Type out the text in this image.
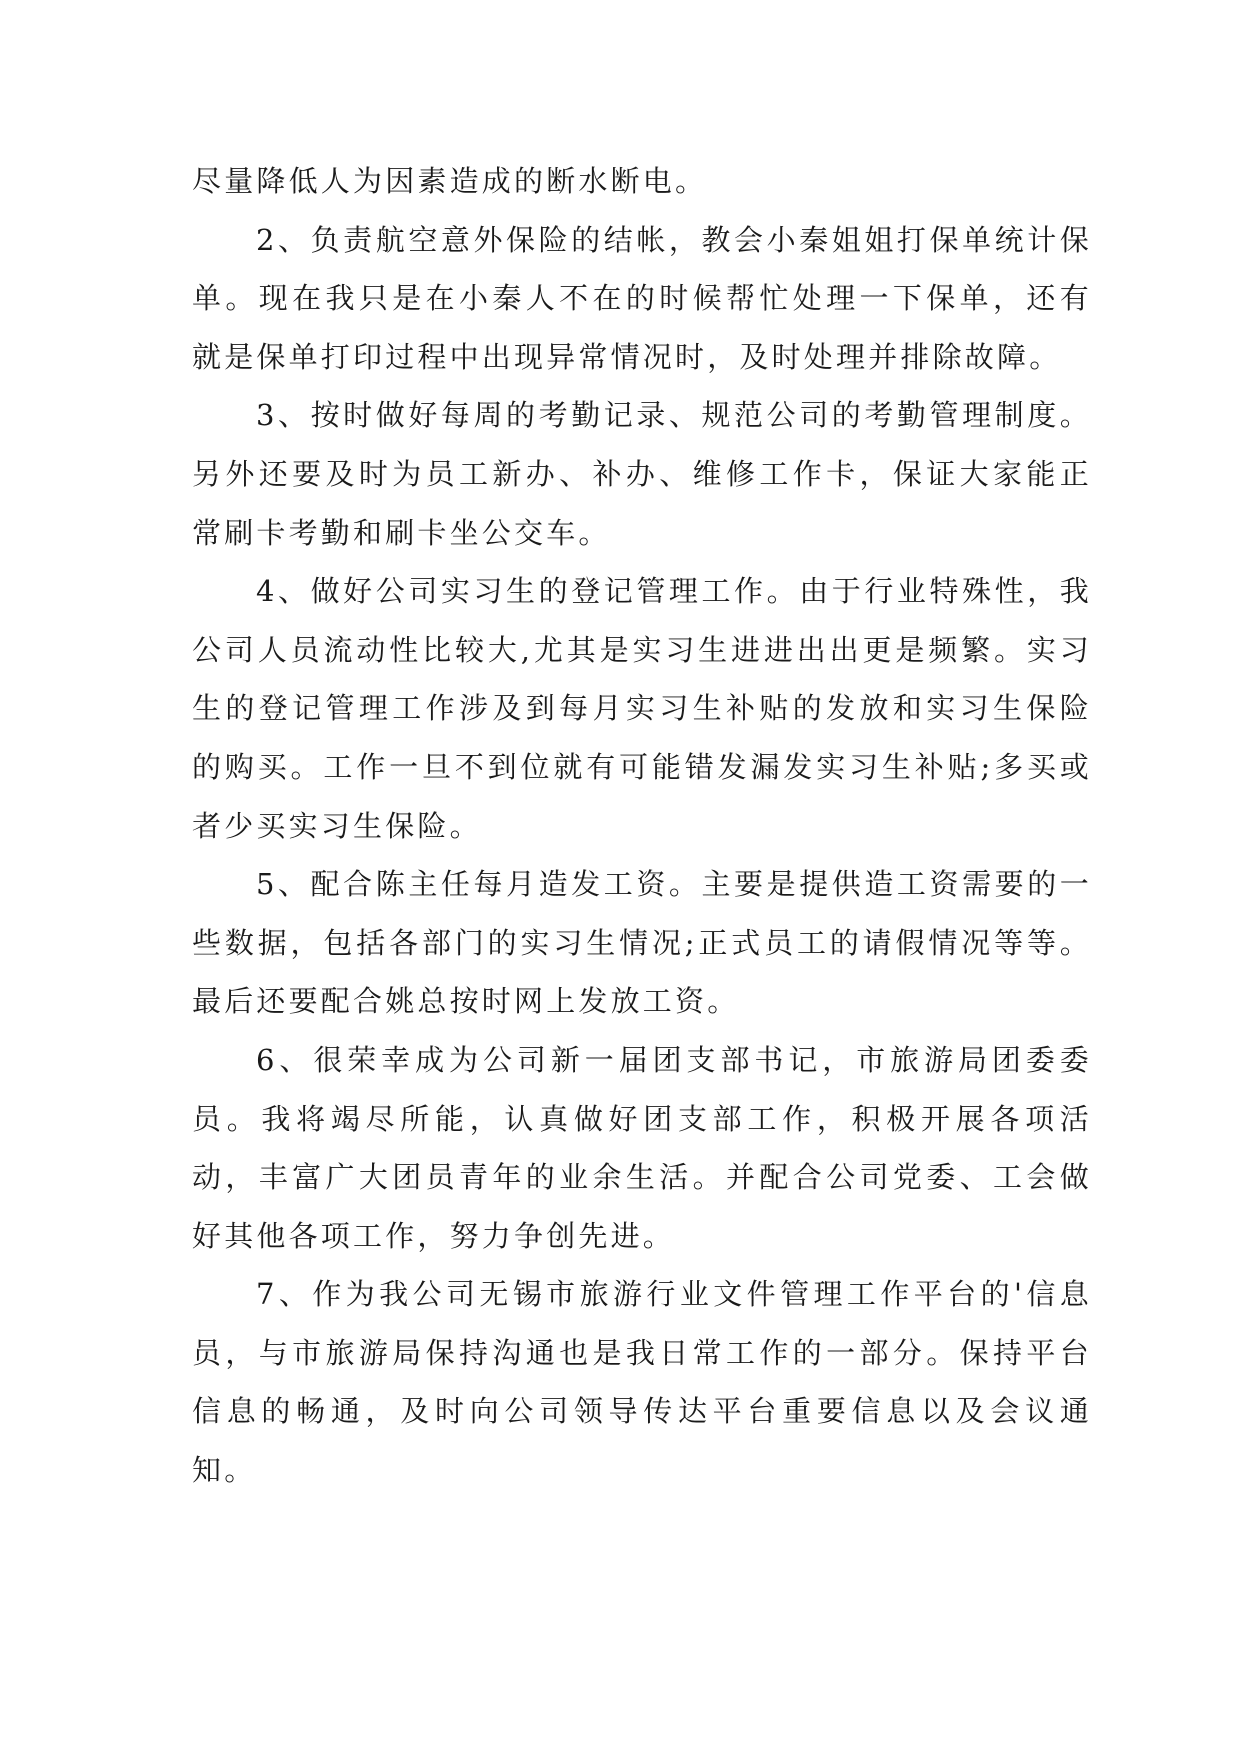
尽量降低人为因素造成的断水断电。

2、负责航空意外保险的结帐，教会小秦姐姐打保单统计保单。现在我只是在小秦人不在的时候帮忙处理一下保单，还有就是保单打印过程中出现异常情况时，及时处理并排除故障。

3、按时做好每周的考勤记录、规范公司的考勤管理制度。另外还要及时为员工新办、补办、维修工作卡，保证大家能正常刷卡考勤和刷卡坐公交车。

4、做好公司实习生的登记管理工作。由于行业特殊性，我公司人员流动性比较大,尤其是实习生进进出出更是频繁。实习生的登记管理工作涉及到每月实习生补贴的发放和实习生保险的购买。工作一旦不到位就有可能错发漏发实习生补贴;多买或者少买实习生保险。

5、配合陈主任每月造发工资。主要是提供造工资需要的一些数据，包括各部门的实习生情况;正式员工的请假情况等等。最后还要配合姚总按时网上发放工资。

6、很荣幸成为公司新一届团支部书记，市旅游局团委委员。我将竭尽所能，认真做好团支部工作，积极开展各项活动，丰富广大团员青年的业余生活。并配合公司党委、工会做好其他各项工作，努力争创先进。

7、作为我公司无锡市旅游行业文件管理工作平台的'信息员，与市旅游局保持沟通也是我日常工作的一部分。保持平台信息的畅通，及时向公司领导传达平台重要信息以及会议通知。
